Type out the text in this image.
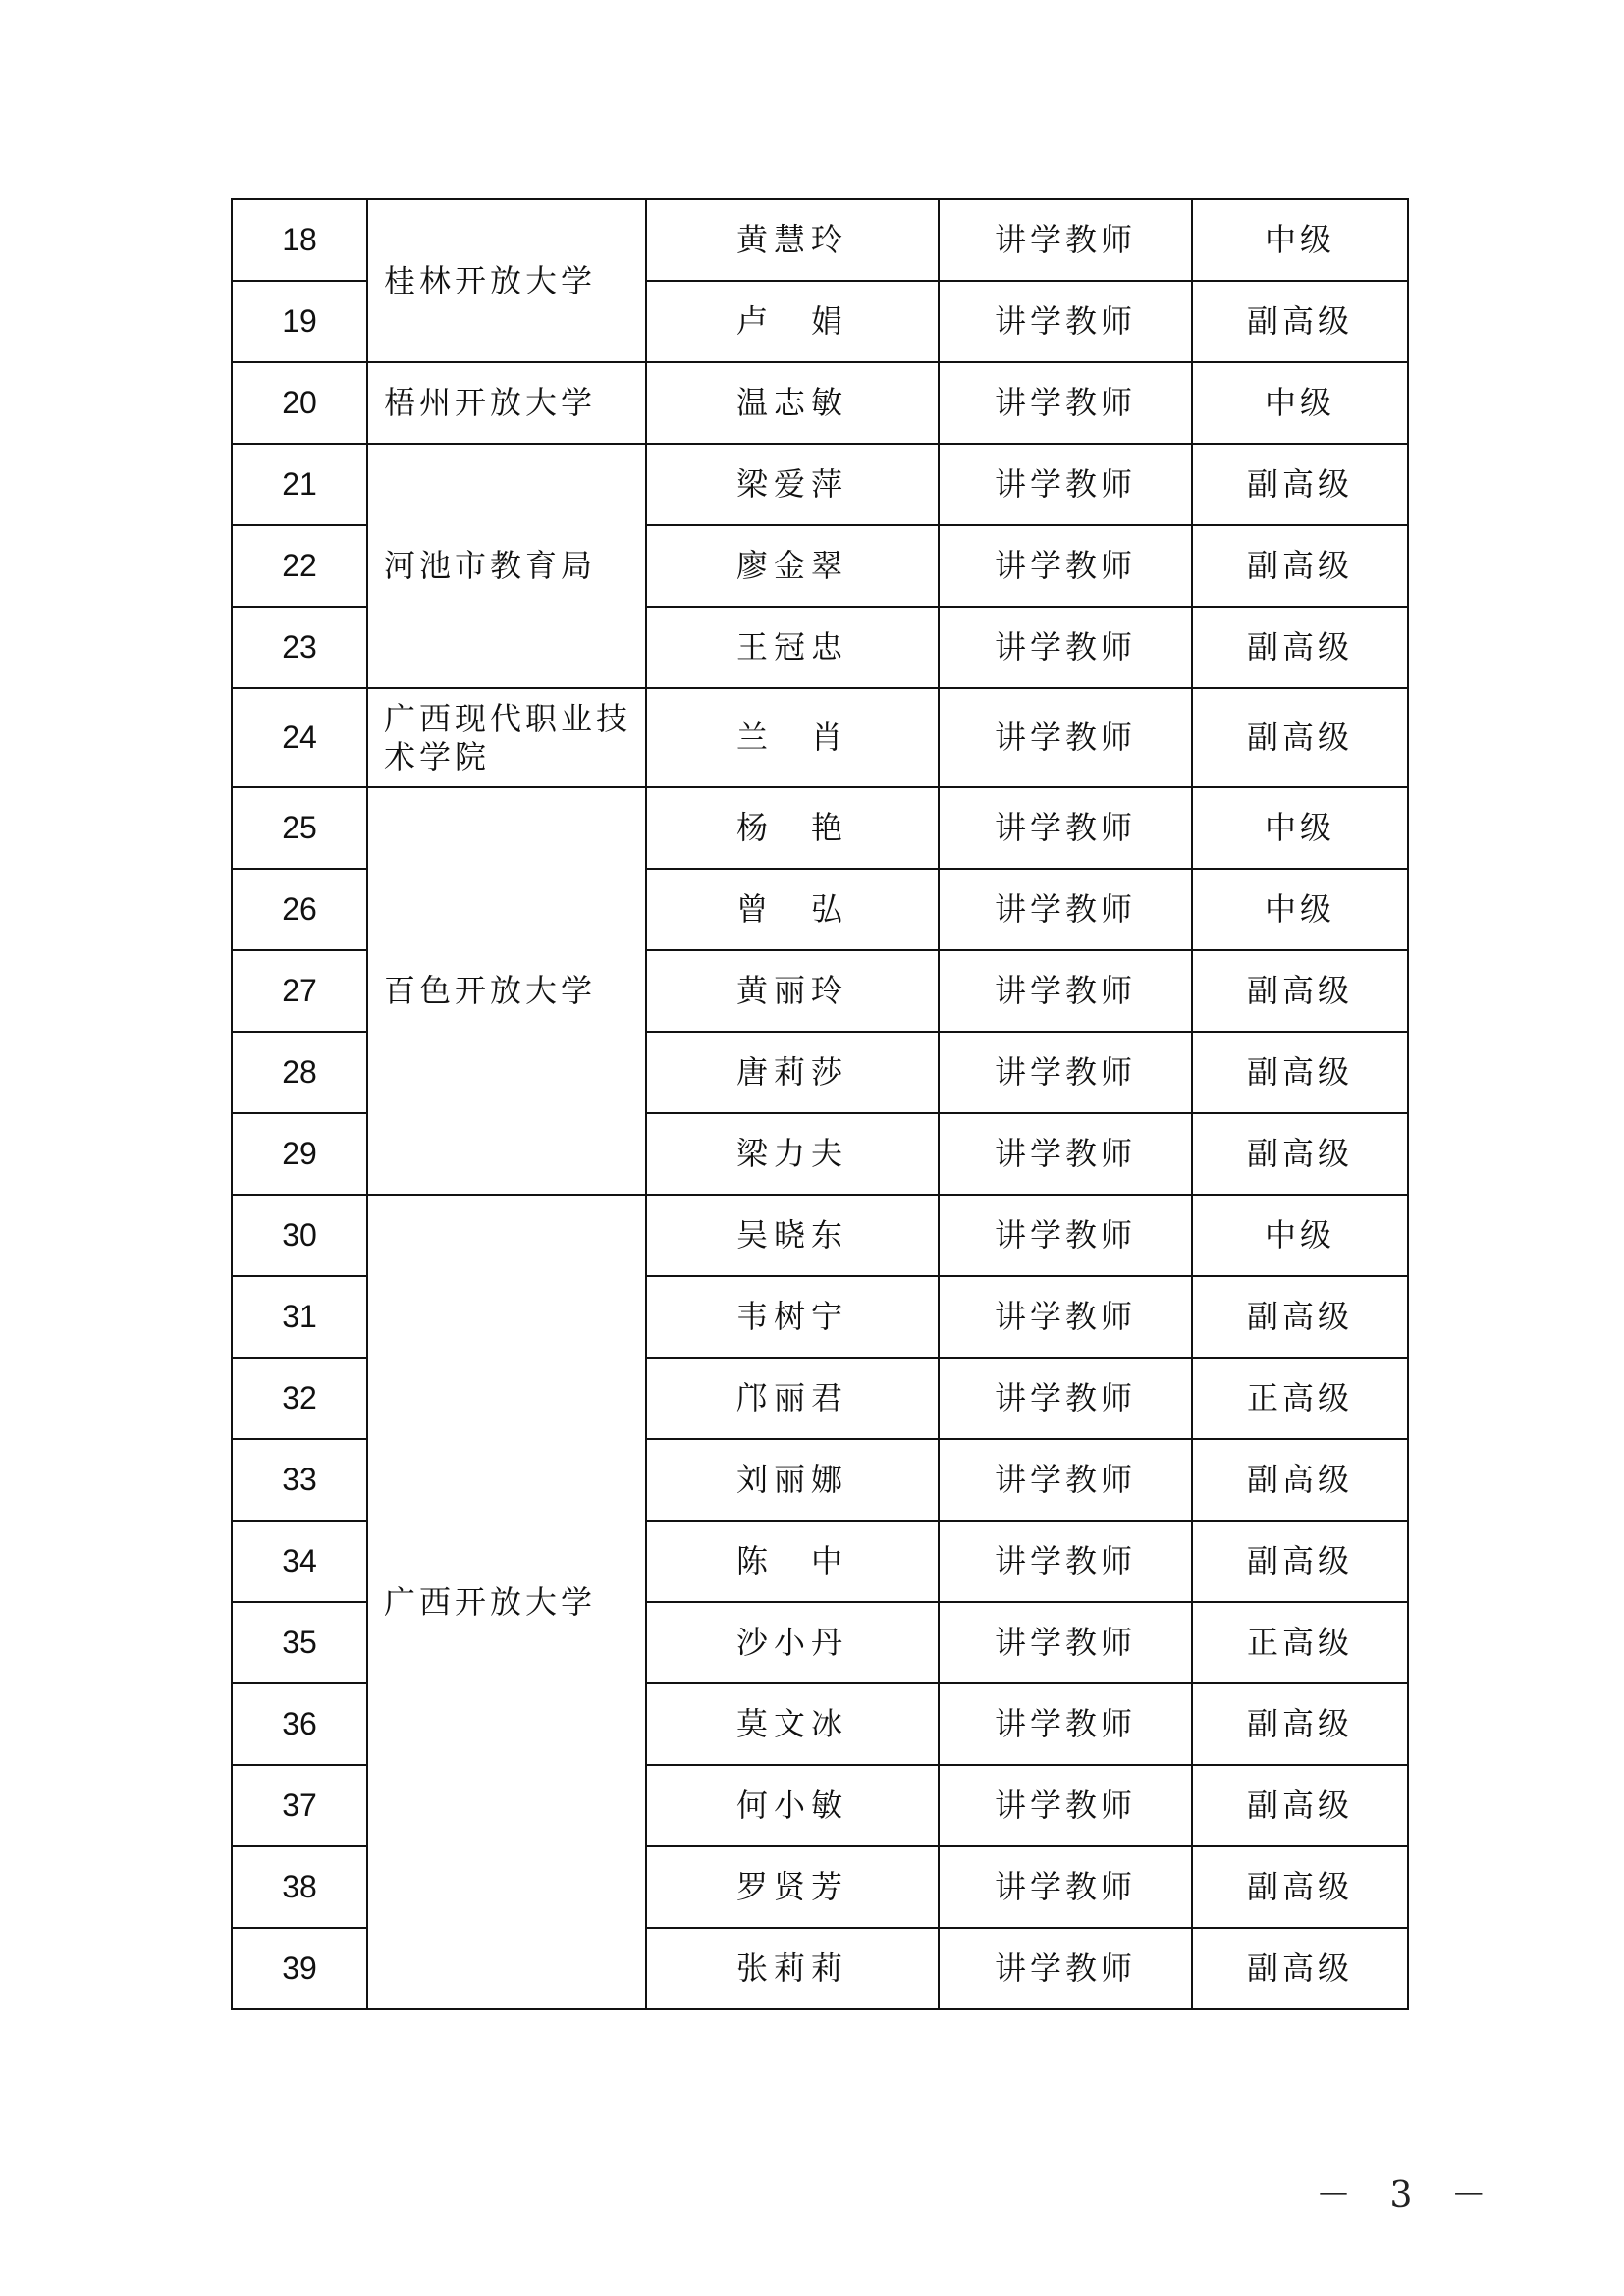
18	桂林开放大学	黄慧玲	讲学教师	中级
19		卢　娟	讲学教师	副高级
20	梧州开放大学	温志敏	讲学教师	中级
21	河池市教育局	梁爱萍	讲学教师	副高级
22		廖金翠	讲学教师	副高级
23		王冠忠	讲学教师	副高级
24	广西现代职业技术学院	兰　肖	讲学教师	副高级
25	百色开放大学	杨　艳	讲学教师	中级
26		曾　弘	讲学教师	中级
27		黄丽玲	讲学教师	副高级
28		唐莉莎	讲学教师	副高级
29		梁力夫	讲学教师	副高级
30	广西开放大学	吴晓东	讲学教师	中级
31		韦树宁	讲学教师	副高级
32		邝丽君	讲学教师	正高级
33		刘丽娜	讲学教师	副高级
34		陈　中	讲学教师	副高级
35		沙小丹	讲学教师	正高级
36		莫文冰	讲学教师	副高级
37		何小敏	讲学教师	副高级
38		罗贤芳	讲学教师	副高级
39		张莉莉	讲学教师	副高级
－ 3 －
